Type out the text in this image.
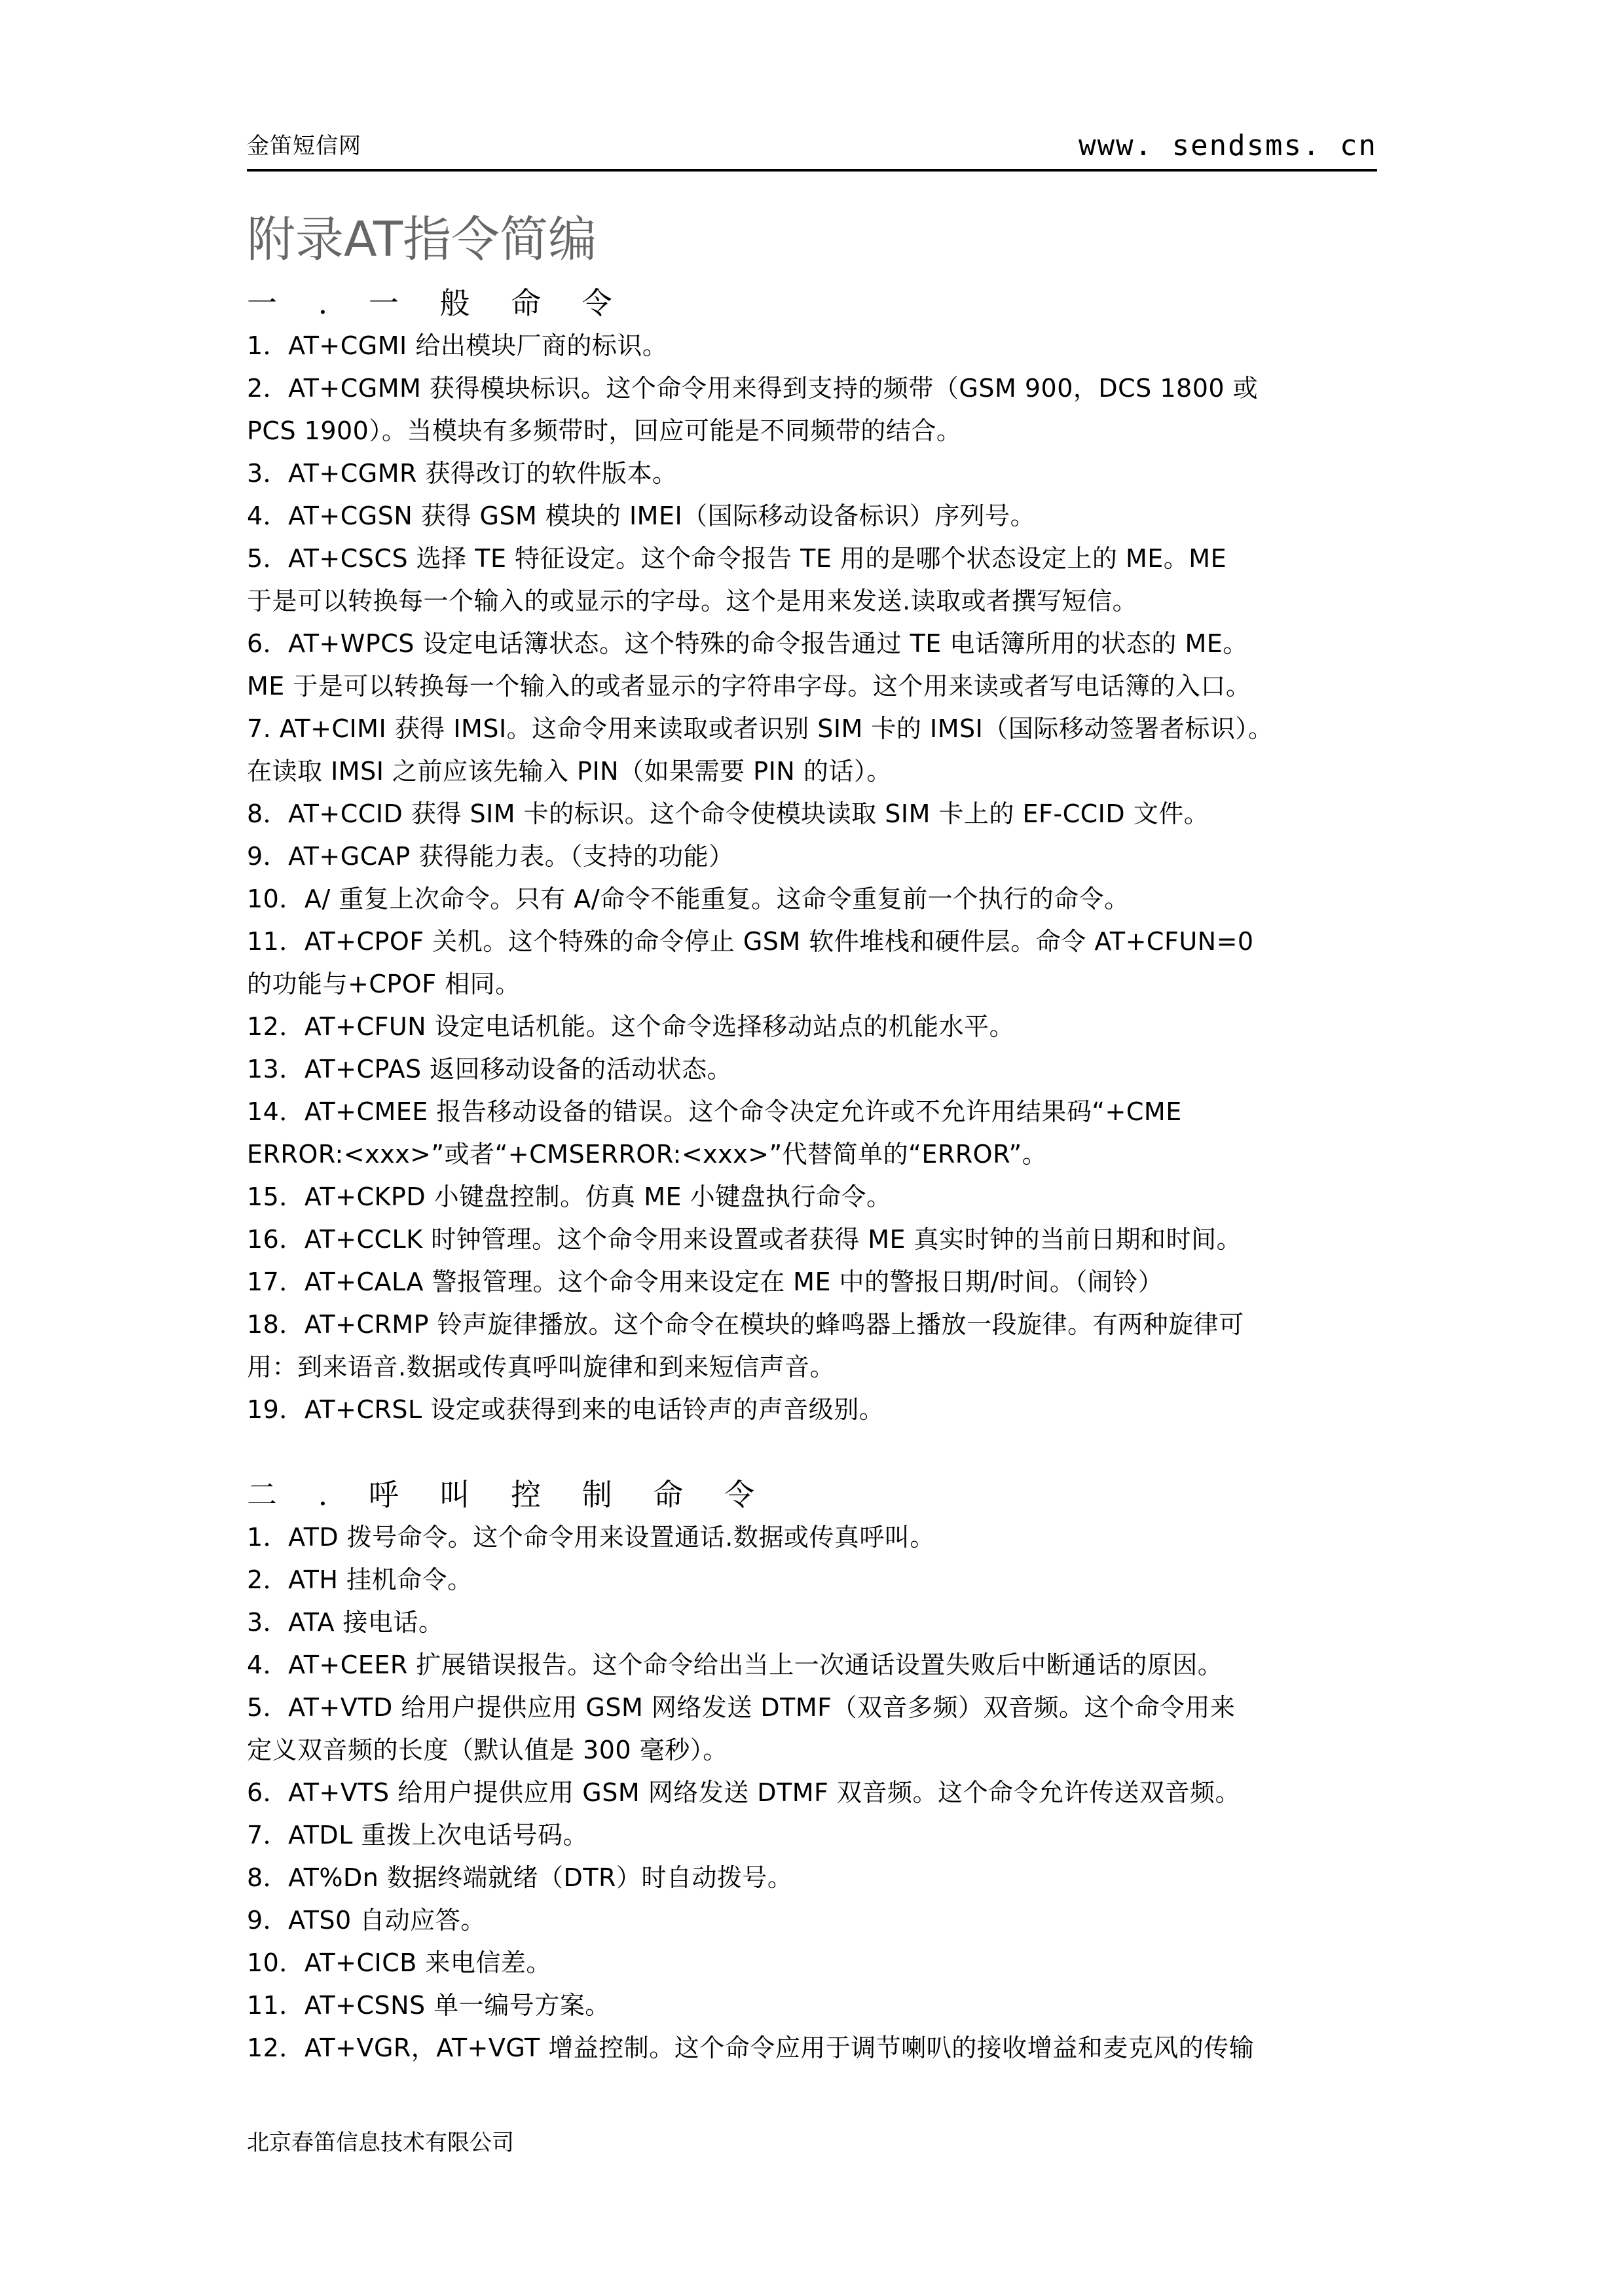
金笛短信网	www. sendsms. cn
附录AT指令简编
一 . 一 般 命 令

1．AT+CGMI 给出模块厂商的标识。

2．AT+CGMM 获得模块标识。这个命令用来得到支持的频带（GSM 900，DCS 1800 或

PCS 1900）。当模块有多频带时，回应可能是不同频带的结合。

3．AT+CGMR 获得改订的软件版本。

4．AT+CGSN 获得 GSM 模块的 IMEI（国际移动设备标识）序列号。

5．AT+CSCS 选择 TE 特征设定。这个命令报告 TE 用的是哪个状态设定上的 ME。ME

于是可以转换每一个输入的或显示的字母。这个是用来发送.读取或者撰写短信。

6．AT+WPCS 设定电话簿状态。这个特殊的命令报告通过 TE 电话簿所用的状态的 ME。

ME 于是可以转换每一个输入的或者显示的字符串字母。这个用来读或者写电话簿的入口。

7. AT+CIMI 获得 IMSI。这命令用来读取或者识别 SIM 卡的 IMSI（国际移动签署者标识）。

在读取 IMSI 之前应该先输入 PIN（如果需要 PIN 的话）。

8．AT+CCID 获得 SIM 卡的标识。这个命令使模块读取 SIM 卡上的 EF-CCID 文件。

9．AT+GCAP 获得能力表。（支持的功能）

10．A/ 重复上次命令。只有 A/命令不能重复。这命令重复前一个执行的命令。

11．AT+CPOF 关机。这个特殊的命令停止 GSM 软件堆栈和硬件层。命令 AT+CFUN=0

的功能与+CPOF 相同。

12．AT+CFUN 设定电话机能。这个命令选择移动站点的机能水平。

13．AT+CPAS 返回移动设备的活动状态。

14．AT+CMEE 报告移动设备的错误。这个命令决定允许或不允许用结果码“+CME

ERROR:<xxx>”或者“+CMSERROR:<xxx>”代替简单的“ERROR”。

15．AT+CKPD 小键盘控制。仿真 ME 小键盘执行命令。

16．AT+CCLK 时钟管理。这个命令用来设置或者获得 ME 真实时钟的当前日期和时间。

17．AT+CALA 警报管理。这个命令用来设定在 ME 中的警报日期/时间。（闹铃）

18．AT+CRMP 铃声旋律播放。这个命令在模块的蜂鸣器上播放一段旋律。有两种旋律可

用：到来语音.数据或传真呼叫旋律和到来短信声音。

19．AT+CRSL 设定或获得到来的电话铃声的声音级别。

二 . 呼 叫 控 制 命 令

1．ATD 拨号命令。这个命令用来设置通话.数据或传真呼叫。

2．ATH 挂机命令。

3．ATA 接电话。

4．AT+CEER 扩展错误报告。这个命令给出当上一次通话设置失败后中断通话的原因。

5．AT+VTD 给用户提供应用 GSM 网络发送 DTMF（双音多频）双音频。这个命令用来

定义双音频的长度（默认值是 300 毫秒）。

6．AT+VTS 给用户提供应用 GSM 网络发送 DTMF 双音频。这个命令允许传送双音频。

7．ATDL 重拨上次电话号码。

8．AT%Dn 数据终端就绪（DTR）时自动拨号。

9．ATS0 自动应答。

10．AT+CICB 来电信差。

11．AT+CSNS 单一编号方案。

12．AT+VGR，AT+VGT 增益控制。这个命令应用于调节喇叭的接收增益和麦克风的传输

北京春笛信息技术有限公司
